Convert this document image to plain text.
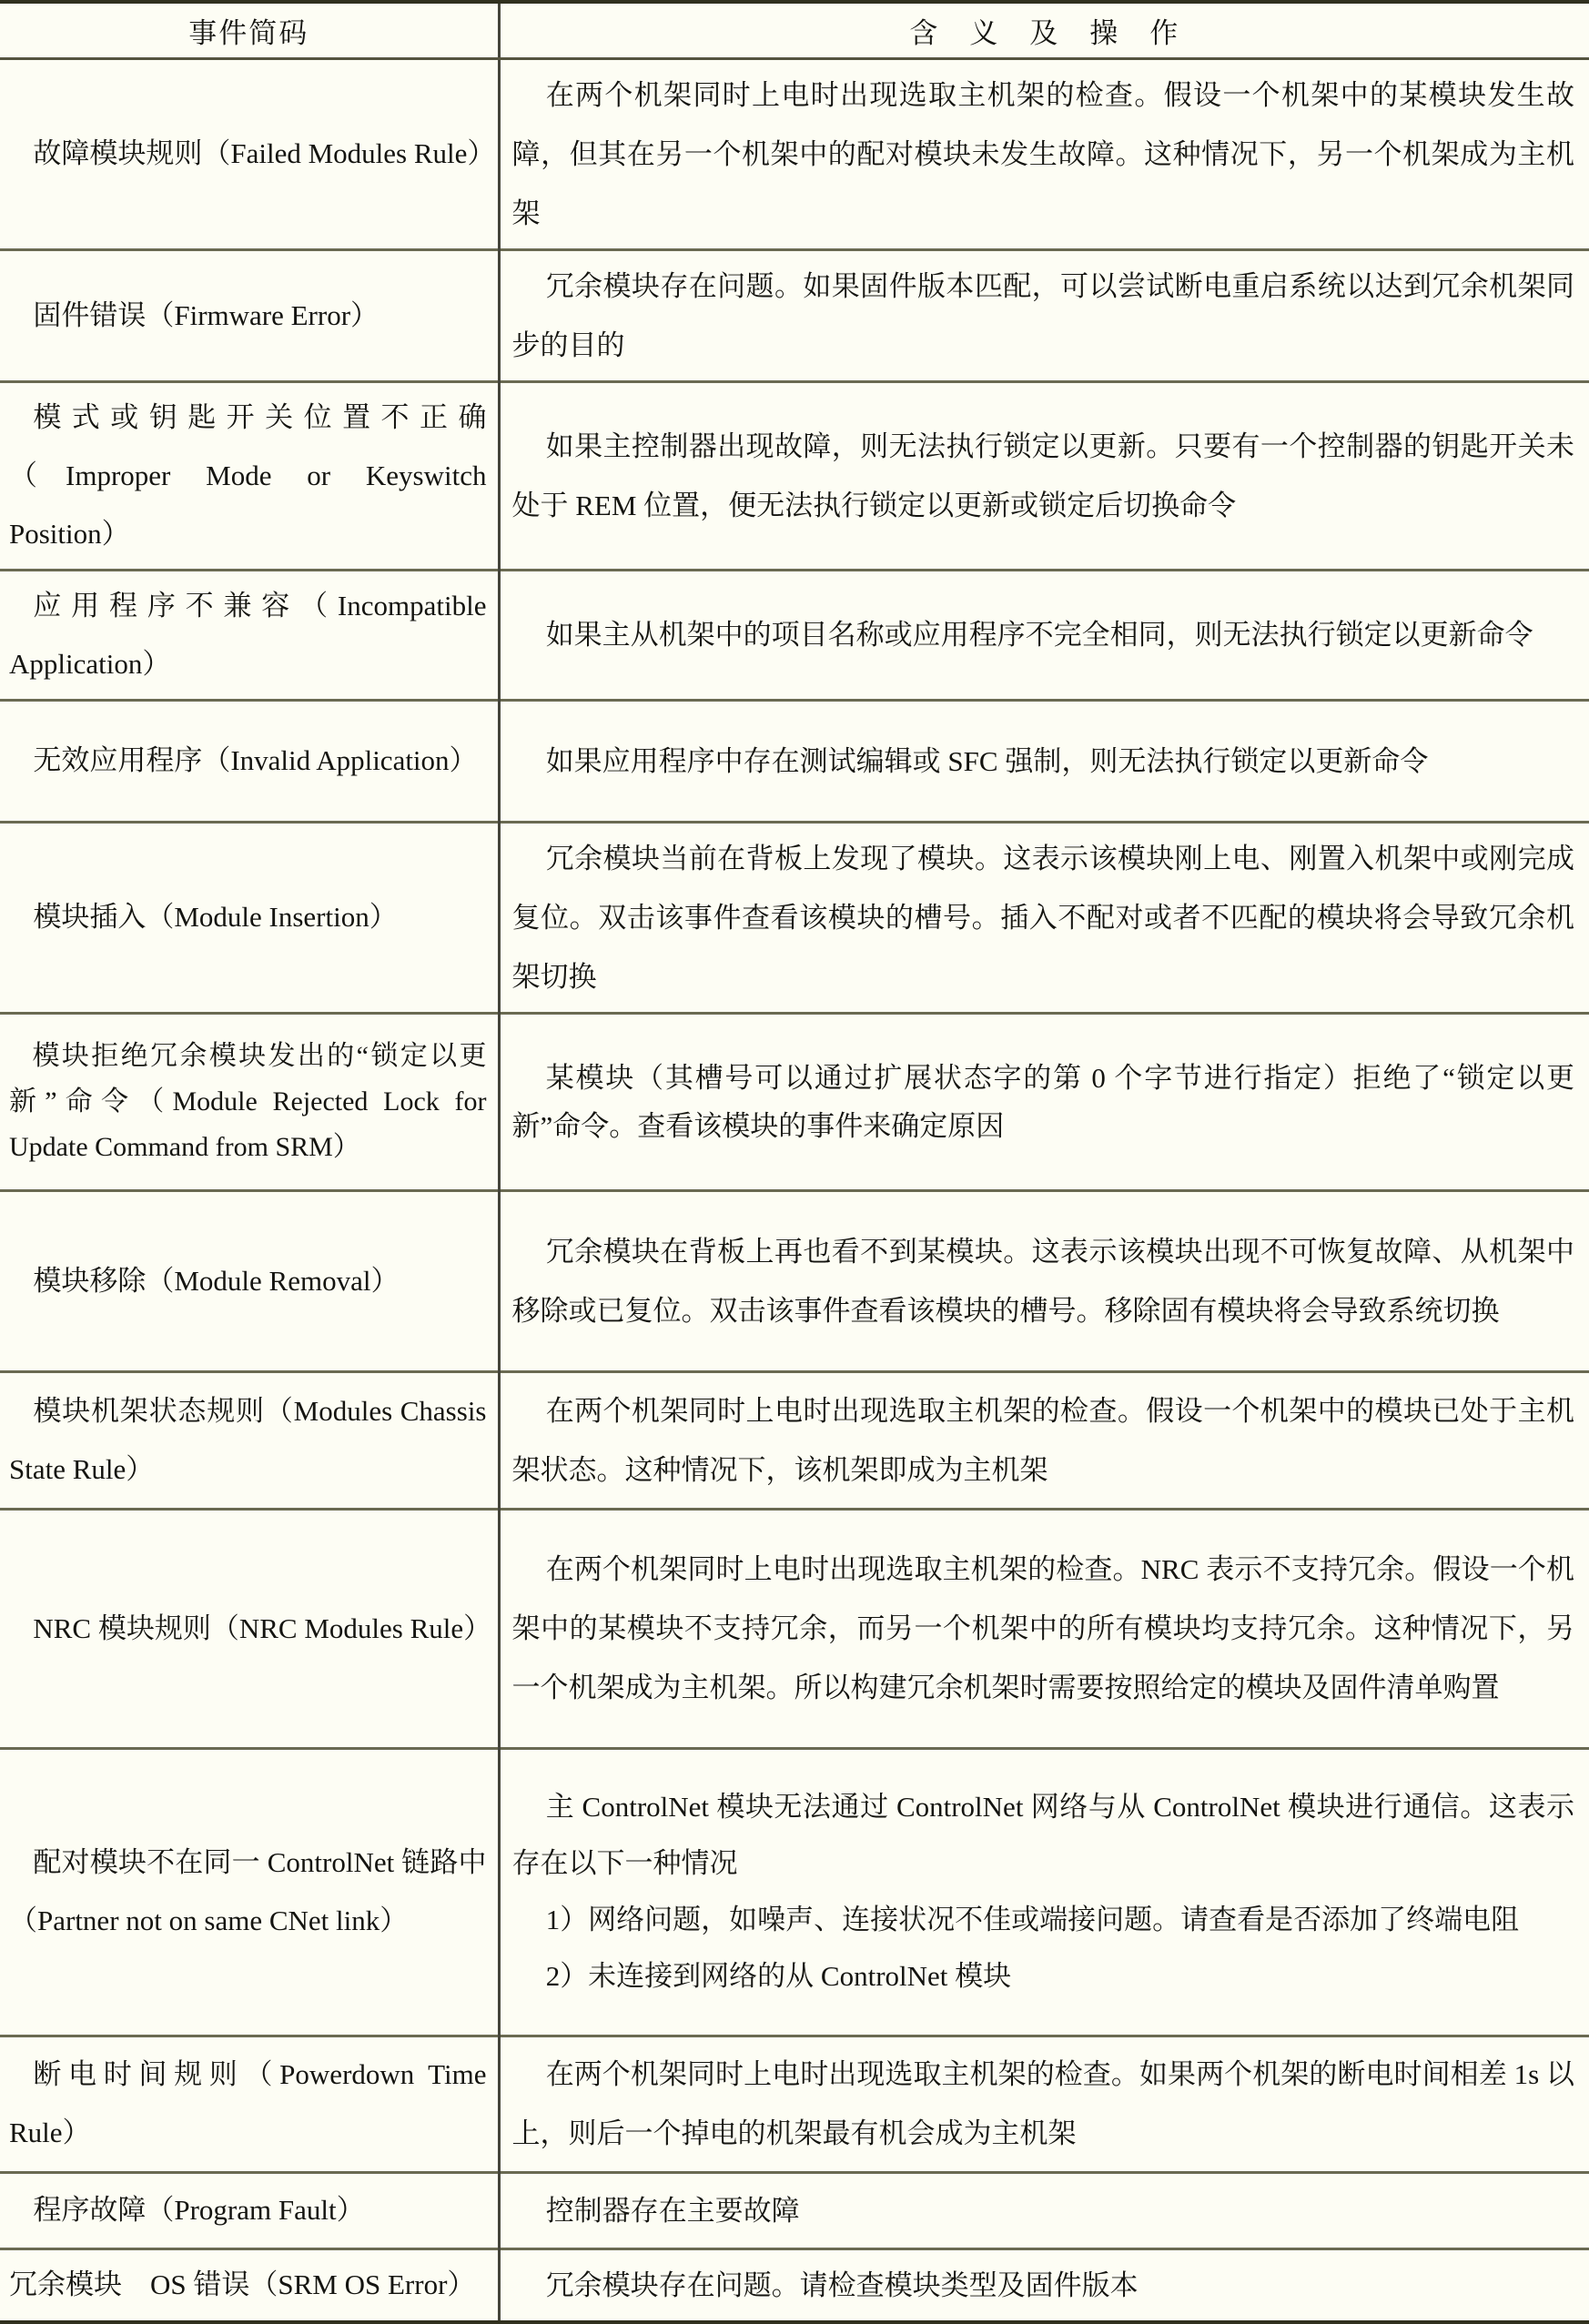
事件简码	含　义　及　操　作
故障模块规则（Failed Modules Rule）	在两个机架同时上电时出现选取主机架的检查。假设一个机架中的某模块发生故障，但其在另一个机架中的配对模块未发生故障。这种情况下，另一个机架成为主机架

固件错误（Firmware Error）	冗余模块存在问题。如果固件版本匹配，可以尝试断电重启系统以达到冗余机架同步的目的

模式或钥匙开关位置不正确（Improper Mode or Keyswitch Position）	如果主控制器出现故障，则无法执行锁定以更新。只要有一个控制器的钥匙开关未处于 REM 位置，便无法执行锁定以更新或锁定后切换命令

应用程序不兼容（Incompatible Application）	如果主从机架中的项目名称或应用程序不完全相同，则无法执行锁定以更新命令

无效应用程序（Invalid Application）	如果应用程序中存在测试编辑或 SFC 强制，则无法执行锁定以更新命令

模块插入（Module Insertion）	冗余模块当前在背板上发现了模块。这表示该模块刚上电、刚置入机架中或刚完成复位。双击该事件查看该模块的槽号。插入不配对或者不匹配的模块将会导致冗余机架切换

模块拒绝冗余模块发出的“锁定以更新”命令（Module Rejected Lock for Update Command from SRM）	某模块（其槽号可以通过扩展状态字的第 0 个字节进行指定）拒绝了“锁定以更新”命令。查看该模块的事件来确定原因

模块移除（Module Removal）	冗余模块在背板上再也看不到某模块。这表示该模块出现不可恢复故障、从机架中移除或已复位。双击该事件查看该模块的槽号。移除固有模块将会导致系统切换

模块机架状态规则（Modules Chassis State Rule）	在两个机架同时上电时出现选取主机架的检查。假设一个机架中的模块已处于主机架状态。这种情况下，该机架即成为主机架

NRC 模块规则（NRC Modules Rule）	在两个机架同时上电时出现选取主机架的检查。NRC 表示不支持冗余。假设一个机架中的某模块不支持冗余，而另一个机架中的所有模块均支持冗余。这种情况下，另一个机架成为主机架。所以构建冗余机架时需要按照给定的模块及固件清单购置

配对模块不在同一 ControlNet 链路中（Partner not on same CNet link）	主 ControlNet 模块无法通过 ControlNet 网络与从 ControlNet 模块进行通信。这表示存在以下一种情况

1）网络问题，如噪声、连接状况不佳或端接问题。请查看是否添加了终端电阻

2）未连接到网络的从 ControlNet 模块

断电时间规则（Powerdown Time Rule）	在两个机架同时上电时出现选取主机架的检查。如果两个机架的断电时间相差 1s 以上，则后一个掉电的机架最有机会成为主机架

程序故障（Program Fault）	控制器存在主要故障

冗余模块　OS 错误（SRM OS Error）	冗余模块存在问题。请检查模块类型及固件版本
